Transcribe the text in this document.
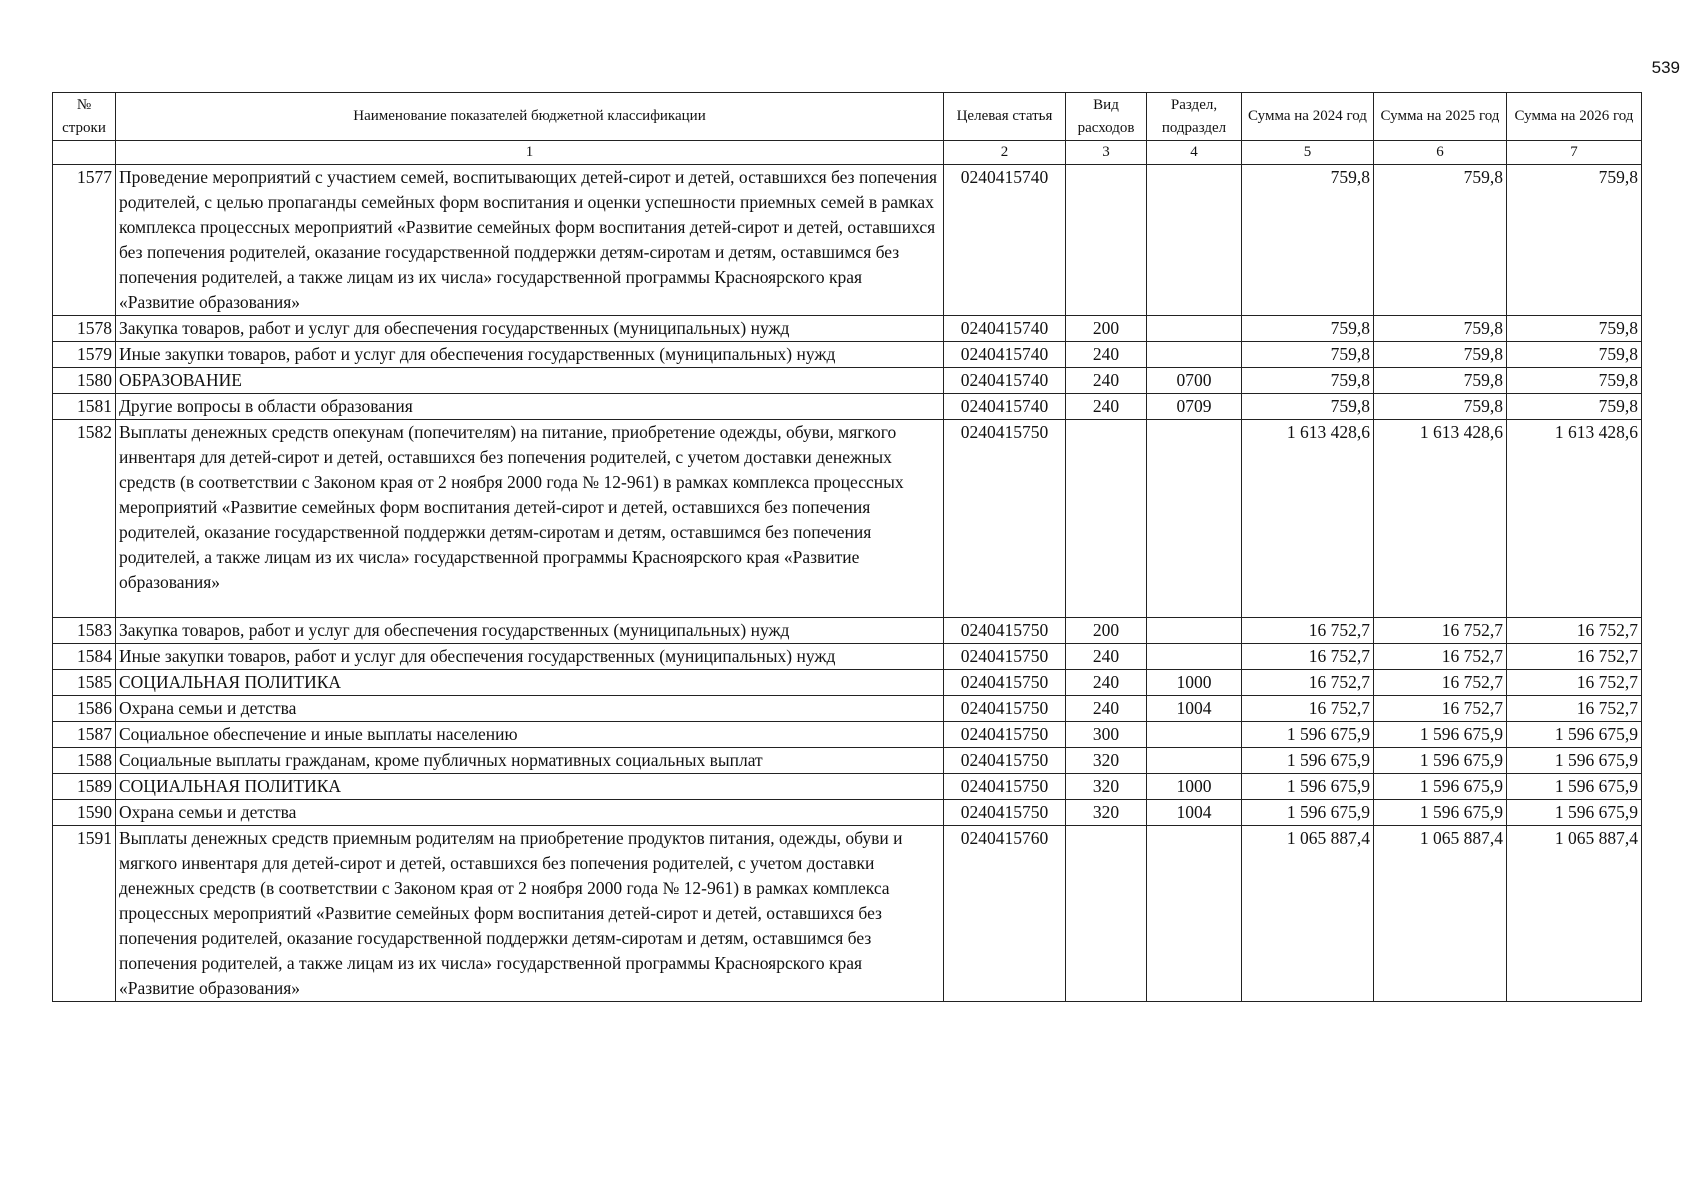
539
№ строки	Наименование показателей бюджетной классификации	Целевая статья	Вид расходов	Раздел, подраздел	Сумма на 2024 год	Сумма на 2025 год	Сумма на 2026 год
	1	2	3	4	5	6	7
1577	Проведение мероприятий с участием семей, воспитывающих детей-сирот и детей, оставшихся без попечения родителей, с целью пропаганды семейных форм воспитания и оценки успешности приемных семей в рамках комплекса процессных мероприятий «Развитие семейных форм воспитания детей-сирот и детей, оставшихся без попечения родителей, оказание государственной поддержки детям-сиротам и детям, оставшимся без попечения родителей, а также лицам из их числа» государственной программы Красноярского края «Развитие образования»	0240415740			759,8	759,8	759,8
1578	Закупка товаров, работ и услуг для обеспечения государственных (муниципальных) нужд	0240415740	200		759,8	759,8	759,8
1579	Иные закупки товаров, работ и услуг для обеспечения государственных (муниципальных) нужд	0240415740	240		759,8	759,8	759,8
1580	ОБРАЗОВАНИЕ	0240415740	240	0700	759,8	759,8	759,8
1581	Другие вопросы в области образования	0240415740	240	0709	759,8	759,8	759,8
1582	Выплаты денежных средств опекунам (попечителям) на питание, приобретение одежды, обуви, мягкого инвентаря для детей-сирот и детей, оставшихся без попечения родителей, с учетом доставки денежных средств (в соответствии с Законом края от 2 ноября 2000 года № 12-961) в рамках комплекса процессных мероприятий «Развитие семейных форм воспитания детей-сирот и детей, оставшихся без попечения родителей, оказание государственной поддержки детям-сиротам и детям, оставшимся без попечения родителей, а также лицам из их числа» государственной программы Красноярского края «Развитие образования»	0240415750			1 613 428,6	1 613 428,6	1 613 428,6
1583	Закупка товаров, работ и услуг для обеспечения государственных (муниципальных) нужд	0240415750	200		16 752,7	16 752,7	16 752,7
1584	Иные закупки товаров, работ и услуг для обеспечения государственных (муниципальных) нужд	0240415750	240		16 752,7	16 752,7	16 752,7
1585	СОЦИАЛЬНАЯ ПОЛИТИКА	0240415750	240	1000	16 752,7	16 752,7	16 752,7
1586	Охрана семьи и детства	0240415750	240	1004	16 752,7	16 752,7	16 752,7
1587	Социальное обеспечение и иные выплаты населению	0240415750	300		1 596 675,9	1 596 675,9	1 596 675,9
1588	Социальные выплаты гражданам, кроме публичных нормативных социальных выплат	0240415750	320		1 596 675,9	1 596 675,9	1 596 675,9
1589	СОЦИАЛЬНАЯ ПОЛИТИКА	0240415750	320	1000	1 596 675,9	1 596 675,9	1 596 675,9
1590	Охрана семьи и детства	0240415750	320	1004	1 596 675,9	1 596 675,9	1 596 675,9
1591	Выплаты денежных средств приемным родителям на приобретение продуктов питания, одежды, обуви и мягкого инвентаря для детей-сирот и детей, оставшихся без попечения родителей, с учетом доставки денежных средств (в соответствии с Законом края от 2 ноября 2000 года № 12-961) в рамках комплекса процессных мероприятий «Развитие семейных форм воспитания детей-сирот и детей, оставшихся без попечения родителей, оказание государственной поддержки детям-сиротам и детям, оставшимся без попечения родителей, а также лицам из их числа» государственной программы Красноярского края «Развитие образования»	0240415760			1 065 887,4	1 065 887,4	1 065 887,4
